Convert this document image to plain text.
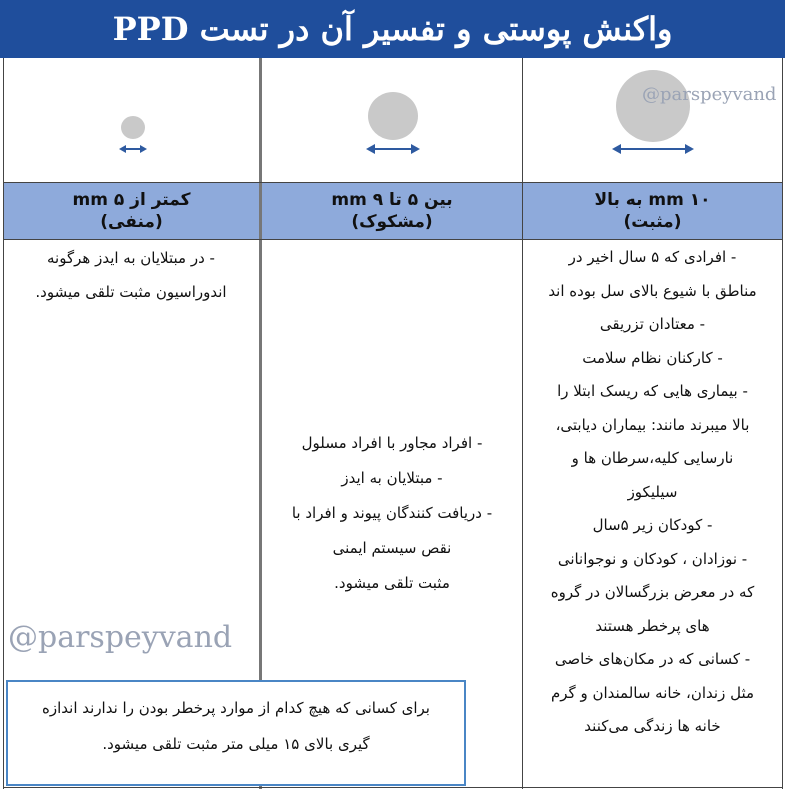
واکنش پوستی و تفسیر آن در تست PPD
۱۰ mm به بالا
(مثبت)
بین ۵ تا ۹ mm
(مشکوک)
کمتر از ۵ mm
(منفی)
- افرادی که ۵ سال اخیر در
مناطق با شیوع بالای سل بوده اند
- معتادان تزریقی
- کارکنان نظام سلامت
- بیماری هایی که ریسک ابتلا را
بالا میبرند مانند: بیماران دیابتی،
نارسایی کلیه،سرطان ها و
سیلیکوز
- کودکان زیر ۵سال
- نوزادان ، کودکان و نوجوانانی
که در معرض بزرگسالان در گروه
های پرخطر هستند
- کسانی که در مکان‌های خاصی
مثل زندان، خانه سالمندان و گرم
خانه ها زندگی می‌کنند
- افراد مجاور با افراد مسلول
- مبتلایان به ایدز
- دریافت کنندگان پیوند و افراد با
نقص سیستم ایمنی
مثبت تلقی میشود.
- در مبتلایان به ایدز هرگونه
اندوراسیون مثبت تلقی میشود.
@parspeyvand
@parspeyvand
برای کسانی که هیچ کدام از موارد پرخطر بودن را ندارند اندازه
گیری بالای ۱۵ میلی متر مثبت تلقی میشود.
